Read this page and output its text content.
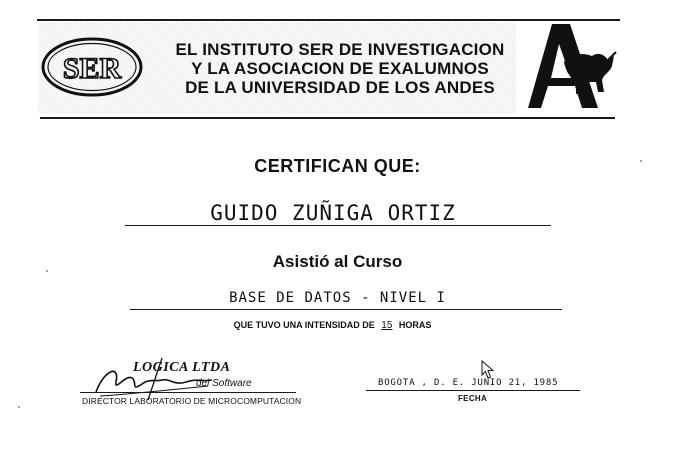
SER
EL INSTITUTO SER DE INVESTIGACION
Y LA ASOCIACION DE EXALUMNOS
DE LA UNIVERSIDAD DE LOS ANDES
CERTIFICAN QUE:
GUIDO ZUÑIGA ORTIZ
Asistió al Curso
BASE DE DATOS - NIVEL I
QUE TUVO UNA INTENSIDAD DE 15 HORAS
LOGICA LTDA
del Software
DIRECTOR LABORATORIO DE MICROCOMPUTACION
BOGOTA , D. E. JUNIO 21, 1985
FECHA
